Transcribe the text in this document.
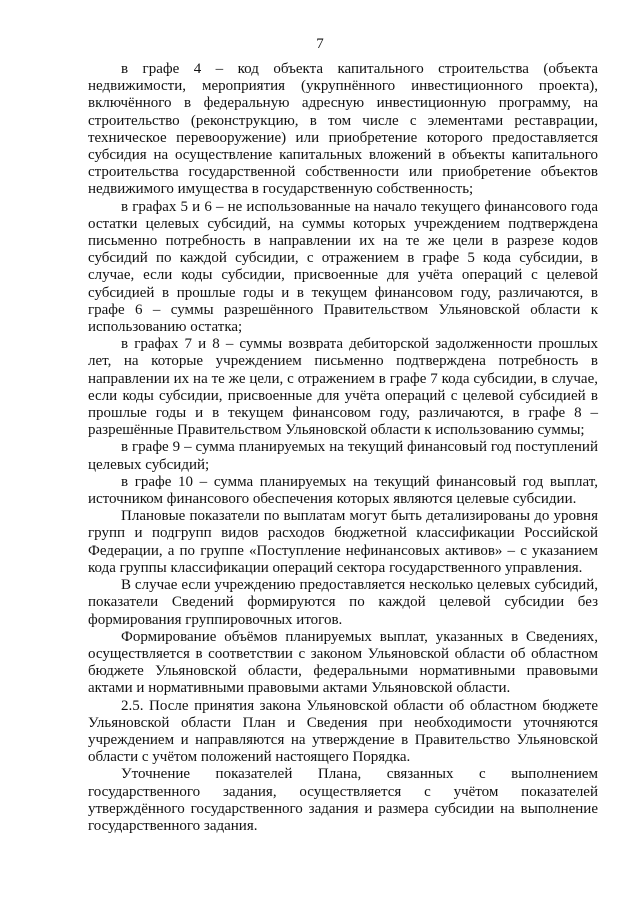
7

в графе 4 – код объекта капитального строительства (объекта недвижимости, мероприятия (укрупнённого инвестиционного проекта), включённого в федеральную адресную инвестиционную программу, на строительство (реконструкцию, в том числе с элементами реставрации, техническое перевооружение) или приобретение которого предоставляется субсидия на осуществление капитальных вложений в объекты капитального строительства государственной собственности или приобретение объектов недвижимого имущества в государственную собственность;

в графах 5 и 6 – не использованные на начало текущего финансового года остатки целевых субсидий, на суммы которых учреждением подтверждена письменно потребность в направлении их на те же цели в разрезе кодов субсидий по каждой субсидии, с отражением в графе 5 кода субсидии, в случае, если коды субсидии, присвоенные для учёта операций с целевой субсидией в прошлые годы и в текущем финансовом году, различаются, в графе 6 – суммы разрешённого Правительством Ульяновской области к использованию остатка;

в графах 7 и 8 – суммы возврата дебиторской задолженности прошлых лет, на которые учреждением письменно подтверждена потребность в направлении их на те же цели, с отражением в графе 7 кода субсидии, в случае, если коды субсидии, присвоенные для учёта операций с целевой субсидией в прошлые годы и в текущем финансовом году, различаются, в графе 8 – разрешённые Правительством Ульяновской области к использованию суммы;

в графе 9 – сумма планируемых на текущий финансовый год поступлений целевых субсидий;

в графе 10 – сумма планируемых на текущий финансовый год выплат, источником финансового обеспечения которых являются целевые субсидии.

Плановые показатели по выплатам могут быть детализированы до уровня групп и подгрупп видов расходов бюджетной классификации Российской Федерации, а по группе «Поступление нефинансовых активов» – с указанием кода группы классификации операций сектора государственного управления.

В случае если учреждению предоставляется несколько целевых субсидий, показатели Сведений формируются по каждой целевой субсидии без формирования группировочных итогов.

Формирование объёмов планируемых выплат, указанных в Сведениях, осуществляется в соответствии с законом Ульяновской области об областном бюджете Ульяновской области, федеральными нормативными правовыми актами и нормативными правовыми актами Ульяновской области.

2.5. После принятия закона Ульяновской области об областном бюджете Ульяновской области План и Сведения при необходимости уточняются учреждением и направляются на утверждение в Правительство Ульяновской области с учётом положений настоящего Порядка.

Уточнение показателей Плана, связанных с выполнением государственного задания, осуществляется с учётом показателей утверждённого государственного задания и размера субсидии на выполнение государственного задания.
